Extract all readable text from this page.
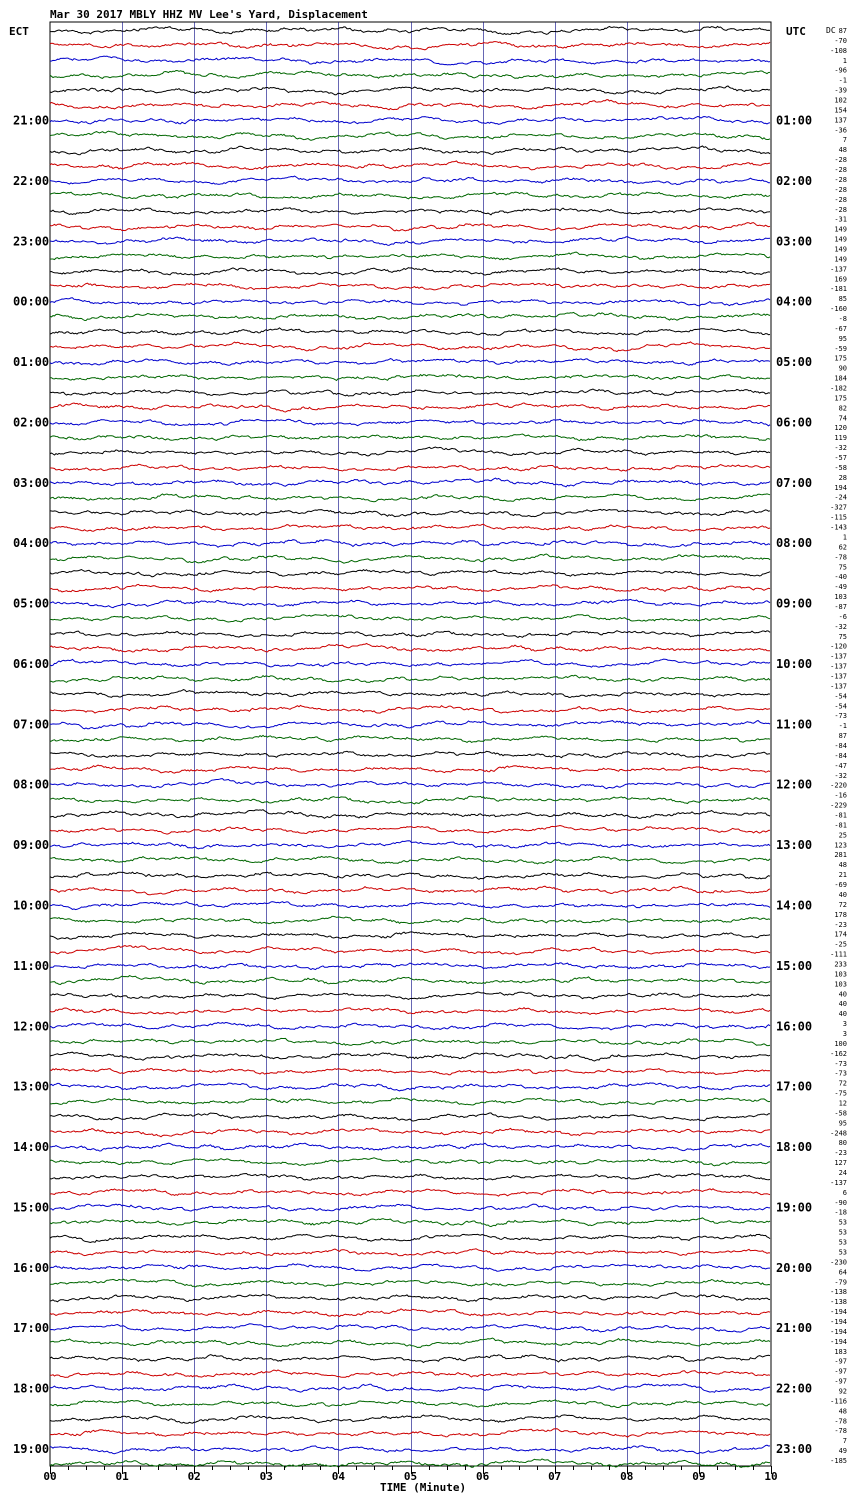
21:00
22:00
23:00
00:00
01:00
02:00
03:00
04:00
05:00
06:00
07:00
08:00
09:00
10:00
11:00
12:00
13:00
14:00
15:00
16:00
17:00
18:00
19:00
01:00
02:00
03:00
04:00
05:00
06:00
07:00
08:00
09:00
10:00
11:00
12:00
13:00
14:00
15:00
16:00
17:00
18:00
19:00
20:00
21:00
22:00
23:00
DC 87
-70
-108
1
-96
-1
-39
102
154
137
-36
7
48
-28
-28
-28
-28
-28
-28
-31
149
149
149
149
-137
169
-181
85
-160
-8
-67
95
-59
175
90
184
-182
175
82
74
120
119
-32
-57
-58
28
194
-24
-327
-115
-143
1
62
-78
75
-40
-49
103
-87
-6
-32
75
-120
-137
-137
-137
-137
-54
-54
-73
-1
87
-84
-84
-47
-32
-220
-16
-229
-81
-81
25
123
281
48
21
-69
40
72
178
-23
174
-25
-111
233
103
103
40
40
40
3
3
100
-162
-73
-73
72
-75
12
-58
95
-248
80
-23
127
24
-137
6
-90
-18
53
53
53
53
-230
64
-79
-138
-138
-194
-194
-194
-194
183
-97
-97
-97
92
-116
48
-78
-78
7
49
-185
00	01	02	03	04	05	06	07	08	09	10
Mar 30 2017 MBLY HHZ MV Lee's Yard, Displacement
ECT	UTC
TIME (Minute)
